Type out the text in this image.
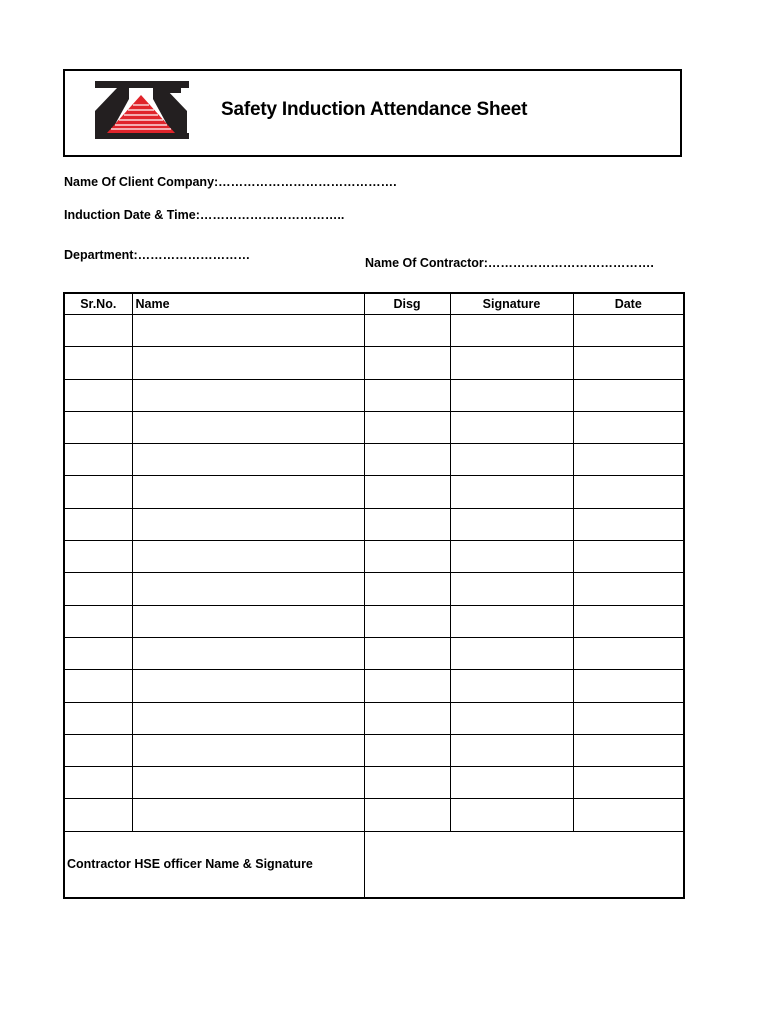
Safety Induction Attendance Sheet
Name Of Client Company:…………………………………….
Induction Date & Time:……………………………..
Department:………………………
Name Of Contractor:………………………………….
Sr.No.	Name	Disg	Signature	Date

Contractor HSE officer Name & Signature				
